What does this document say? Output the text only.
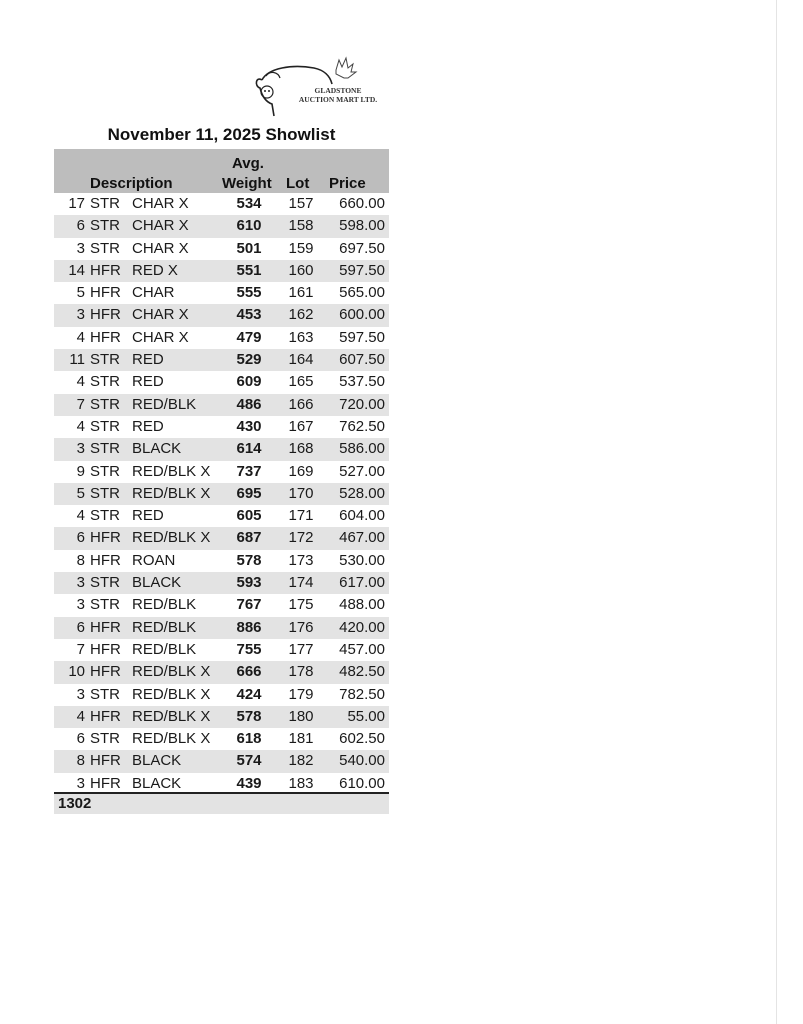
GLADSTONE
AUCTION MART LTD.
November 11, 2025 Showlist
Description
Avg.
Weight Lot Price
17 STR CHAR X	534	157 660.00
6 STR CHAR X	610	158 598.00
3 STR CHAR X	501	159 697.50
14 HFR RED X	551	160 597.50
5 HFR CHAR	555	161 565.00
3 HFR CHAR X	453	162 600.00
4 HFR CHAR X	479	163 597.50
11 STR RED	529	164 607.50
4 STR RED	609	165 537.50
7 STR RED/BLK	486	166 720.00
4 STR RED	430	167 762.50
3 STR BLACK	614	168 586.00
9 STR RED/BLK X	737	169 527.00
5 STR RED/BLK X	695	170 528.00
4 STR RED	605	171 604.00
6 HFR RED/BLK X	687	172 467.00
8 HFR ROAN	578	173 530.00
3 STR BLACK	593	174 617.00
3 STR RED/BLK	767	175 488.00
6 HFR RED/BLK	886	176 420.00
7 HFR RED/BLK	755	177 457.00
10 HFR RED/BLK X	666	178 482.50
3 STR RED/BLK X	424	179 782.50
4 HFR RED/BLK X	578	180 55.00
6 STR RED/BLK X	618	181 602.50
8 HFR BLACK	574	182 540.00
3 HFR BLACK	439	183 610.00
1302
